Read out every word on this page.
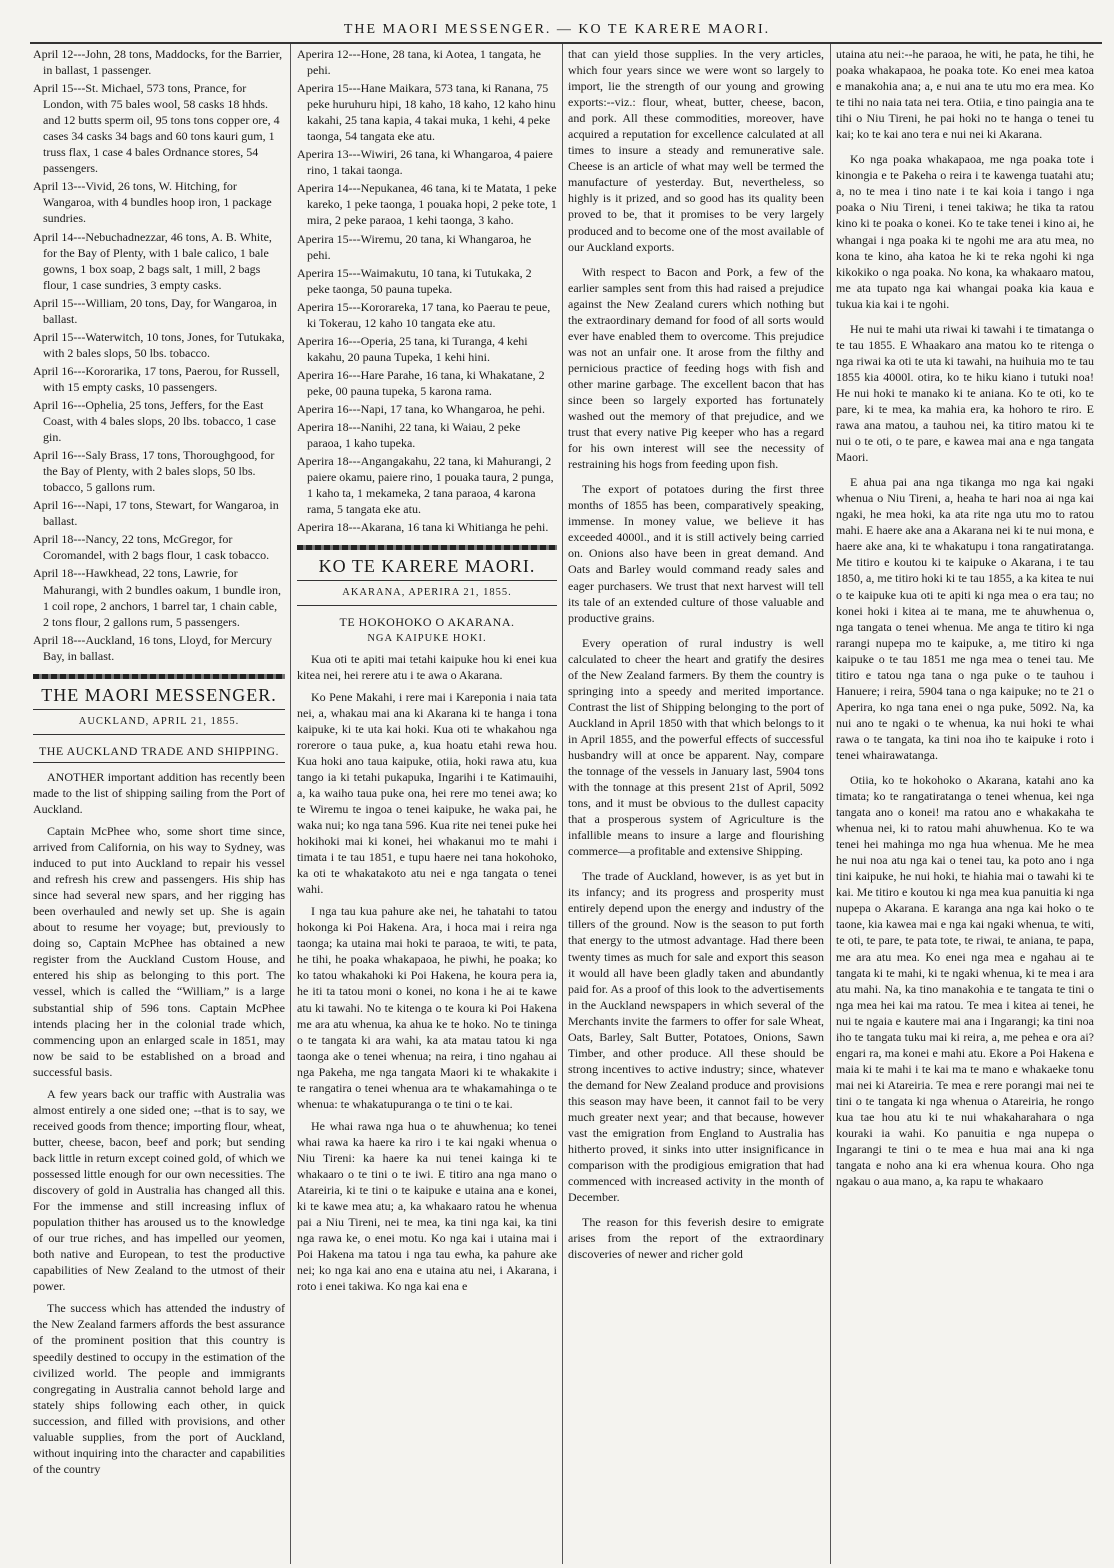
THE MAORI MESSENGER. — KO TE KARERE MAORI.
April 12---John, 28 tons, Maddocks, for the Barrier, in ballast, 1 passenger.
April 15---St. Michael, 573 tons, Prance, for London, with 75 bales wool, 58 casks 18 hhds. and 12 butts sperm oil, 95 tons tons copper ore, 4 cases 34 casks 34 bags and 60 tons kauri gum, 1 truss flax, 1 case 4 bales Ordnance stores, 54 passengers.
April 13---Vivid, 26 tons, W. Hitching, for Wangaroa, with 4 bundles hoop iron, 1 package sundries.
April 14---Nebuchadnezzar, 46 tons, A. B. White, for the Bay of Plenty, with 1 bale calico, 1 bale gowns, 1 box soap, 2 bags salt, 1 mill, 2 bags flour, 1 case sundries, 3 empty casks.
April 15---William, 20 tons, Day, for Wangaroa, in ballast.
April 15---Waterwitch, 10 tons, Jones, for Tutukaka, with 2 bales slops, 50 lbs. tobacco.
April 16---Kororarika, 17 tons, Paerou, for Russell, with 15 empty casks, 10 passengers.
April 16---Ophelia, 25 tons, Jeffers, for the East Coast, with 4 bales slops, 20 lbs. tobacco, 1 case gin.
April 16---Saly Brass, 17 tons, Thoroughgood, for the Bay of Plenty, with 2 bales slops, 50 lbs. tobacco, 5 gallons rum.
April 16---Napi, 17 tons, Stewart, for Wangaroa, in ballast.
April 18---Nancy, 22 tons, McGregor, for Coromandel, with 2 bags flour, 1 cask tobacco.
April 18---Hawkhead, 22 tons, Lawrie, for Mahurangi, with 2 bundles oakum, 1 bundle iron, 1 coil rope, 2 anchors, 1 barrel tar, 1 chain cable, 2 tons flour, 2 gallons rum, 5 passengers.
April 18---Auckland, 16 tons, Lloyd, for Mercury Bay, in ballast.
THE MAORI MESSENGER.
AUCKLAND, APRIL 21, 1855.
THE AUCKLAND TRADE AND SHIPPING.

ANOTHER important addition has recently been made to the list of shipping sailing from the Port of Auckland.

Captain McPhee who, some short time since, arrived from California, on his way to Sydney, was induced to put into Auckland to repair his vessel and refresh his crew and passengers. His ship has since had several new spars, and her rigging has been overhauled and newly set up. She is again about to resume her voyage; but, previously to doing so, Captain McPhee has obtained a new register from the Auckland Custom House, and entered his ship as belonging to this port. The vessel, which is called the “William,” is a large substantial ship of 596 tons. Captain McPhee intends placing her in the colonial trade which, commencing upon an enlarged scale in 1851, may now be said to be established on a broad and successful basis.

A few years back our traffic with Australia was almost entirely a one sided one; --that is to say, we received goods from thence; importing flour, wheat, butter, cheese, bacon, beef and pork; but sending back little in return except coined gold, of which we possessed little enough for our own necessities. The discovery of gold in Australia has changed all this. For the immense and still increasing influx of population thither has aroused us to the knowledge of our true riches, and has impelled our yeomen, both native and European, to test the productive capabilities of New Zealand to the utmost of their power.

The success which has attended the industry of the New Zealand farmers affords the best assurance of the prominent position that this country is speedily destined to occupy in the estimation of the civilized world. The people and immigrants congregating in Australia cannot behold large and stately ships following each other, in quick succession, and filled with provisions, and other valuable supplies, from the port of Auckland, without inquiring into the character and capabilities of the country

Aperira 12---Hone, 28 tana, ki Aotea, 1 tangata, he pehi.
Aperira 15---Hane Maikara, 573 tana, ki Ranana, 75 peke huruhuru hipi, 18 kaho, 18 kaho, 12 kaho hinu kakahi, 25 tana kapia, 4 takai muka, 1 kehi, 4 peke taonga, 54 tangata eke atu.
Aperira 13---Wiwiri, 26 tana, ki Whangaroa, 4 paiere rino, 1 takai taonga.
Aperira 14---Nepukanea, 46 tana, ki te Matata, 1 peke kareko, 1 peke taonga, 1 pouaka hopi, 2 peke tote, 1 mira, 2 peke paraoa, 1 kehi taonga, 3 kaho.
Aperira 15---Wiremu, 20 tana, ki Whangaroa, he pehi.
Aperira 15---Waimakutu, 10 tana, ki Tutukaka, 2 peke taonga, 50 pauna tupeka.
Aperira 15---Kororareka, 17 tana, ko Paerau te peue, ki Tokerau, 12 kaho 10 tangata eke atu.
Aperira 16---Operia, 25 tana, ki Turanga, 4 kehi kakahu, 20 pauna Tupeka, 1 kehi hini.
Aperira 16---Hare Parahe, 16 tana, ki Whakatane, 2 peke, 00 pauna tupeka, 5 karona rama.
Aperira 16---Napi, 17 tana, ko Whangaroa, he pehi.
Aperira 18---Nanihi, 22 tana, ki Waiau, 2 peke paraoa, 1 kaho tupeka.
Aperira 18---Angangakahu, 22 tana, ki Mahurangi, 2 paiere okamu, paiere rino, 1 pouaka taura, 2 punga, 1 kaho ta, 1 mekameka, 2 tana paraoa, 4 karona rama, 5 tangata eke atu.
Aperira 18---Akarana, 16 tana ki Whitianga he pehi.
KO TE KARERE MAORI.
AKARANA, APERIRA 21, 1855.
TE HOKOHOKO O AKARANA.
NGA KAIPUKE HOKI.

Kua oti te apiti mai tetahi kaipuke hou ki enei kua kitea nei, hei rerere atu i te awa o Akarana.

Ko Pene Makahi, i rere mai i Kareponia i naia tata nei, a, whakau mai ana ki Akarana ki te hanga i tona kaipuke, ki te uta kai hoki. Kua oti te whakahou nga rorerore o taua puke, a, kua hoatu etahi rewa hou. Kua hoki ano taua kaipuke, otiia, hoki rawa atu, kua tango ia ki tetahi pukapuka, Ingarihi i te Katimauihi, a, ka waiho taua puke ona, hei rere mo tenei awa; ko te Wiremu te ingoa o tenei kaipuke, he waka pai, he waka nui; ko nga tana 596. Kua rite nei tenei puke hei hokihoki mai ki konei, hei whakanui mo te mahi i timata i te tau 1851, e tupu haere nei tana hokohoko, ka oti te whakatakoto atu nei e nga tangata o tenei wahi.

I nga tau kua pahure ake nei, he tahatahi to tatou hokonga ki Poi Hakena. Ara, i hoca mai i reira nga taonga; ka utaina mai hoki te paraoa, te witi, te pata, he tihi, he poaka whakapaoa, he piwhi, he poaka; ko ko tatou whakahoki ki Poi Hakena, he koura pera ia, he iti ta tatou moni o konei, no kona i he ai te kawe atu ki tawahi. No te kitenga o te koura ki Poi Hakena me ara atu whenua, ka ahua ke te hoko. No te tininga o te tangata ki ara wahi, ka ata matau tatou ki nga taonga ake o tenei whenua; na reira, i tino ngahau ai nga Pakeha, me nga tangata Maori ki te whakakite i te rangatira o tenei whenua ara te whakamahinga o te whenua: te whakatupuranga o te tini o te kai.

He whai rawa nga hua o te ahuwhenua; ko tenei whai rawa ka haere ka riro i te kai ngaki whenua o Niu Tireni: ka haere ka nui tenei kainga ki te whakaaro o te tini o te iwi. E titiro ana nga mano o Atareiria, ki te tini o te kaipuke e utaina ana e konei, ki te kawe mea atu; a, ka whakaaro ratou he whenua pai a Niu Tireni, nei te mea, ka tini nga kai, ka tini nga rawa ke, o enei motu. Ko nga kai i utaina mai i Poi Hakena ma tatou i nga tau ewha, ka pahure ake nei; ko nga kai ano ena e utaina atu nei, i Akarana, i roto i enei takiwa. Ko nga kai ena e

that can yield those supplies. In the very articles, which four years since we were wont so largely to import, lie the strength of our young and growing exports:--viz.: flour, wheat, butter, cheese, bacon, and pork. All these commodities, moreover, have acquired a reputation for excellence calculated at all times to insure a steady and remunerative sale. Cheese is an article of what may well be termed the manufacture of yesterday. But, nevertheless, so highly is it prized, and so good has its quality been proved to be, that it promises to be very largely produced and to become one of the most available of our Auckland exports.

With respect to Bacon and Pork, a few of the earlier samples sent from this had raised a prejudice against the New Zealand curers which nothing but the extraordinary demand for food of all sorts would ever have enabled them to overcome. This prejudice was not an unfair one. It arose from the filthy and pernicious practice of feeding hogs with fish and other marine garbage. The excellent bacon that has since been so largely exported has fortunately washed out the memory of that prejudice, and we trust that every native Pig keeper who has a regard for his own interest will see the necessity of restraining his hogs from feeding upon fish.

The export of potatoes during the first three months of 1855 has been, comparatively speaking, immense. In money value, we believe it has exceeded 4000l., and it is still actively being carried on. Onions also have been in great demand. And Oats and Barley would command ready sales and eager purchasers. We trust that next harvest will tell its tale of an extended culture of those valuable and productive grains.

Every operation of rural industry is well calculated to cheer the heart and gratify the desires of the New Zealand farmers. By them the country is springing into a speedy and merited importance. Contrast the list of Shipping belonging to the port of Auckland in April 1850 with that which belongs to it in April 1855, and the powerful effects of successful husbandry will at once be apparent. Nay, compare the tonnage of the vessels in January last, 5904 tons with the tonnage at this present 21st of April, 5092 tons, and it must be obvious to the dullest capacity that a prosperous system of Agriculture is the infallible means to insure a large and flourishing commerce—a profitable and extensive Shipping.

The trade of Auckland, however, is as yet but in its infancy; and its progress and prosperity must entirely depend upon the energy and industry of the tillers of the ground. Now is the season to put forth that energy to the utmost advantage. Had there been twenty times as much for sale and export this season it would all have been gladly taken and abundantly paid for. As a proof of this look to the advertisements in the Auckland newspapers in which several of the Merchants invite the farmers to offer for sale Wheat, Oats, Barley, Salt Butter, Potatoes, Onions, Sawn Timber, and other produce. All these should be strong incentives to active industry; since, whatever the demand for New Zealand produce and provisions this season may have been, it cannot fail to be very much greater next year; and that because, however vast the emigration from England to Australia has hitherto proved, it sinks into utter insignificance in comparison with the prodigious emigration that had commenced with increased activity in the month of December.

The reason for this feverish desire to emigrate arises from the report of the extraordinary discoveries of newer and richer gold

utaina atu nei:--he paraoa, he witi, he pata, he tihi, he poaka whakapaoa, he poaka tote. Ko enei mea katoa e manakohia ana; a, e nui ana te utu mo era mea. Ko te tihi no naia tata nei tera. Otiia, e tino paingia ana te tihi o Niu Tireni, he pai hoki no te hanga o tenei tu kai; ko te kai ano tera e nui nei ki Akarana.

Ko nga poaka whakapaoa, me nga poaka tote i kinongia e te Pakeha o reira i te kawenga tuatahi atu; a, no te mea i tino nate i te kai koia i tango i nga poaka o Niu Tireni, i tenei takiwa; he tika ta ratou kino ki te poaka o konei. Ko te take tenei i kino ai, he whangai i nga poaka ki te ngohi me ara atu mea, no kona te kino, aha katoa he ki te reka ngohi ki nga kikokiko o nga poaka. No kona, ka whakaaro matou, me ata tupato nga kai whangai poaka kia kaua e tukua kia kai i te ngohi.

He nui te mahi uta riwai ki tawahi i te timatanga o te tau 1855. E Whaakaro ana matou ko te ritenga o nga riwai ka oti te uta ki tawahi, na huihuia mo te tau 1855 kia 4000l. otira, ko te hiku kiano i tutuki noa! He nui hoki te manako ki te aniana. Ko te oti, ko te pare, ki te mea, ka mahia era, ka hohoro te riro. E rawa ana matou, a tauhou nei, ka titiro matou ki te nui o te oti, o te pare, e kawea mai ana e nga tangata Maori.

E ahua pai ana nga tikanga mo nga kai ngaki whenua o Niu Tireni, a, heaha te hari noa ai nga kai ngaki, he mea hoki, ka ata rite nga utu mo to ratou mahi. E haere ake ana a Akarana nei ki te nui mona, e haere ake ana, ki te whakatupu i tona rangatiratanga. Me titiro e koutou ki te kaipuke o Akarana, i te tau 1850, a, me titiro hoki ki te tau 1855, a ka kitea te nui o te kaipuke kua oti te apiti ki nga mea o era tau; no konei hoki i kitea ai te mana, me te ahuwhenua o, nga tangata o tenei whenua. Me anga te titiro ki nga rarangi nupepa mo te kaipuke, a, me titiro ki nga kaipuke o te tau 1851 me nga mea o tenei tau. Me titiro e tatou nga tana o nga puke o te tauhou i Hanuere; i reira, 5904 tana o nga kaipuke; no te 21 o Aperira, ko nga tana enei o nga puke, 5092. Na, ka nui ano te ngaki o te whenua, ka nui hoki te whai rawa o te tangata, ka tini noa iho te kaipuke i roto i tenei whairawatanga.

Otiia, ko te hokohoko o Akarana, katahi ano ka timata; ko te rangatiratanga o tenei whenua, kei nga tangata ano o konei! ma ratou ano e whakakaha te whenua nei, ki to ratou mahi ahuwhenua. Ko te wa tenei hei mahinga mo nga hua whenua. Me he mea he nui noa atu nga kai o tenei tau, ka poto ano i nga tini kaipuke, he nui hoki, te hiahia mai o tawahi ki te kai. Me titiro e koutou ki nga mea kua panuitia ki nga nupepa o Akarana. E karanga ana nga kai hoko o te taone, kia kawea mai e nga kai ngaki whenua, te witi, te oti, te pare, te pata tote, te riwai, te aniana, te papa, me ara atu mea. Ko enei nga mea e ngahau ai te tangata ki te mahi, ki te ngaki whenua, ki te mea i ara atu mahi. Na, ka tino manakohia e te tangata te tini o nga mea hei kai ma ratou. Te mea i kitea ai tenei, he nui te ngaia e kautere mai ana i Ingarangi; ka tini noa iho te tangata tuku mai ki reira, a, me pehea e ora ai? engari ra, ma konei e mahi atu. Ekore a Poi Hakena e maia ki te mahi i te kai ma te mano e whakaeke tonu mai nei ki Atareiria. Te mea e rere porangi mai nei te tini o te tangata ki nga whenua o Atareiria, he rongo kua tae hou atu ki te nui whakaharahara o nga kouraki ia wahi. Ko panuitia e nga nupepa o Ingarangi te tini o te mea e hua mai ana ki nga tangata e noho ana ki era whenua koura. Oho nga ngakau o aua mano, a, ka rapu te whakaaro
